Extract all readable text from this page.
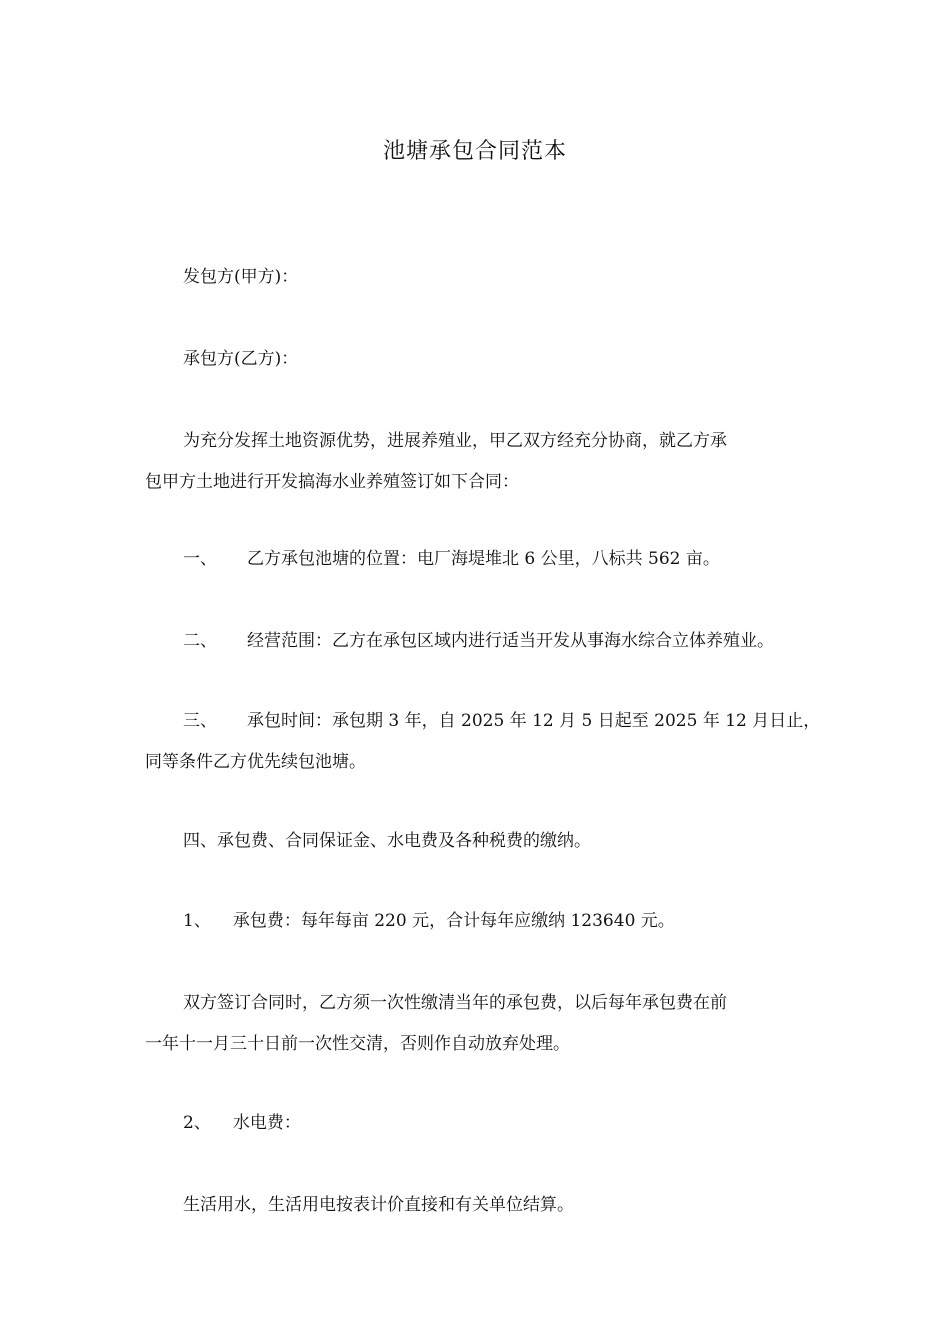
池塘承包合同范本
发包方(甲方)：
承包方(乙方)：
为充分发挥土地资源优势，进展养殖业，甲乙双方经充分协商，就乙方承
包甲方土地进行开发搞海水业养殖签订如下合同：
一、 乙方承包池塘的位置：电厂海堤堆北 6 公里，八标共 562 亩。
二、 经营范围：乙方在承包区域内进行适当开发从事海水综合立体养殖业。
三、 承包时间：承包期 3 年，自 2025 年 12 月 5 日起至 2025 年 12 月日止，
同等条件乙方优先续包池塘。
四、承包费、合同保证金、水电费及各种税费的缴纳。
1、 承包费：每年每亩 220 元，合计每年应缴纳 123640 元。
双方签订合同时，乙方须一次性缴清当年的承包费，以后每年承包费在前
一年十一月三十日前一次性交清，否则作自动放弃处理。
2、 水电费：
生活用水，生活用电按表计价直接和有关单位结算。
